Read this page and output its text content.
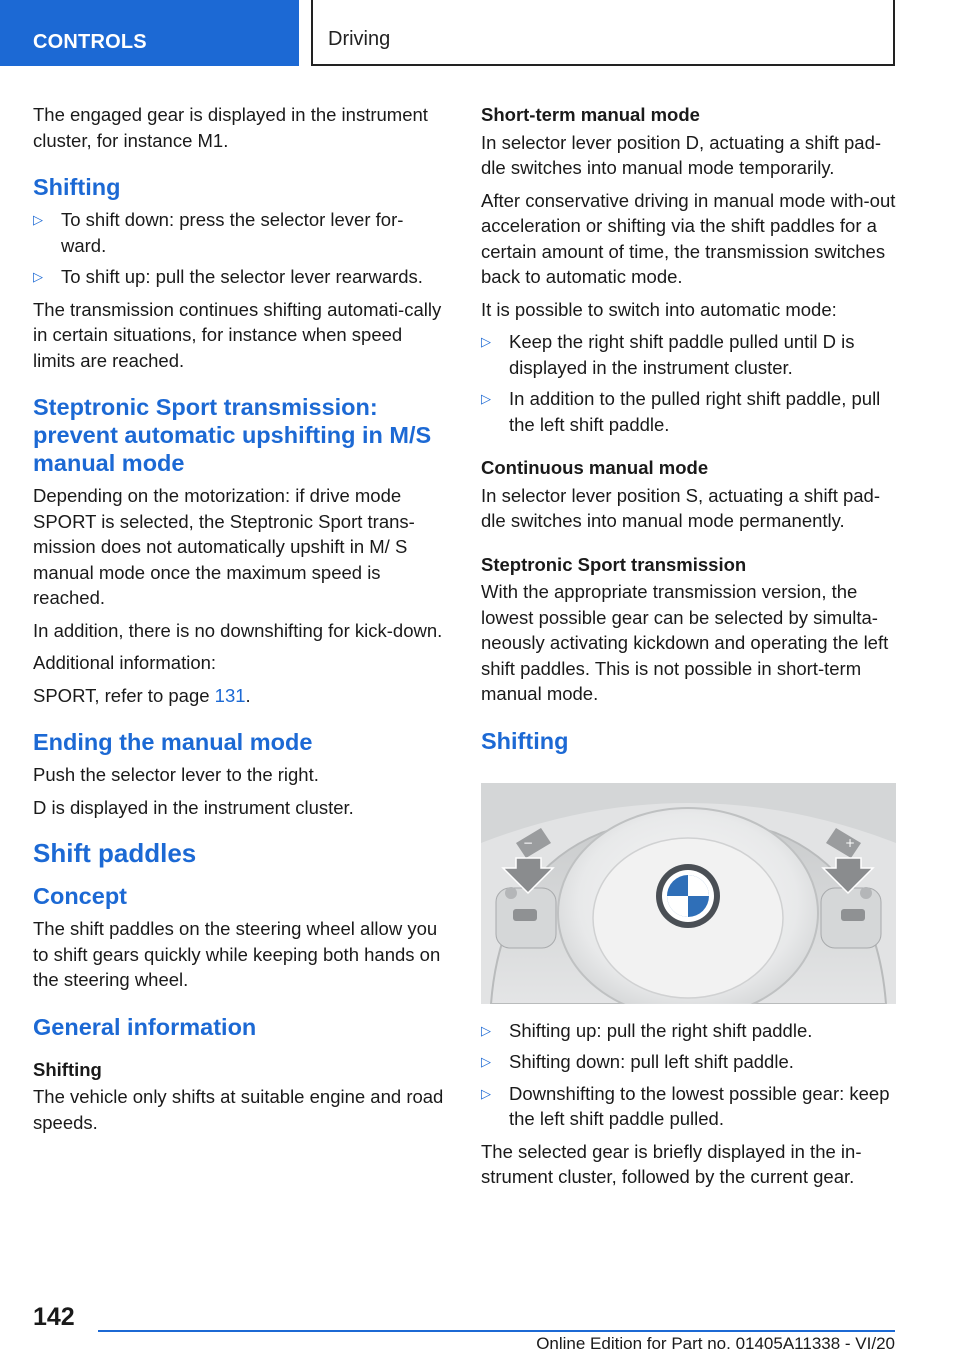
CONTROLS	Driving

The engaged gear is displayed in the instrument cluster, for instance M1.

Shifting
▷ To shift down: press the selector lever for‐ward.
▷ To shift up: pull the selector lever rearwards.

The transmission continues shifting automati‐cally in certain situations, for instance when speed limits are reached.

Steptronic Sport transmission: prevent automatic upshifting in M/S manual mode

Depending on the motorization: if drive mode SPORT is selected, the Steptronic Sport trans‐mission does not automatically upshift in M/ S manual mode once the maximum speed is reached.

In addition, there is no downshifting for kick‐down.

Additional information:

SPORT, refer to page 131.

Ending the manual mode

Push the selector lever to the right.

D is displayed in the instrument cluster.

Shift paddles
Concept

The shift paddles on the steering wheel allow you to shift gears quickly while keeping both hands on the steering wheel.

General information
Shifting

The vehicle only shifts at suitable engine and road speeds.

Short-term manual mode

In selector lever position D, actuating a shift pad‐dle switches into manual mode temporarily.

After conservative driving in manual mode with‐out acceleration or shifting via the shift paddles for a certain amount of time, the transmission switches back to automatic mode.

It is possible to switch into automatic mode:

▷ Keep the right shift paddle pulled until D is displayed in the instrument cluster.
▷ In addition to the pulled right shift paddle, pull the left shift paddle.
Continuous manual mode

In selector lever position S, actuating a shift pad‐dle switches into manual mode permanently.

Steptronic Sport transmission

With the appropriate transmission version, the lowest possible gear can be selected by simulta‐neously activating kickdown and operating the left shift paddles. This is not possible in short-term manual mode.

Shifting
−	+
▷ Shifting up: pull the right shift paddle.
▷ Shifting down: pull left shift paddle.
▷ Downshifting to the lowest possible gear: keep the left shift paddle pulled.

The selected gear is briefly displayed in the in‐strument cluster, followed by the current gear.

142
Online Edition for Part no. 01405A11338 - VI/20
